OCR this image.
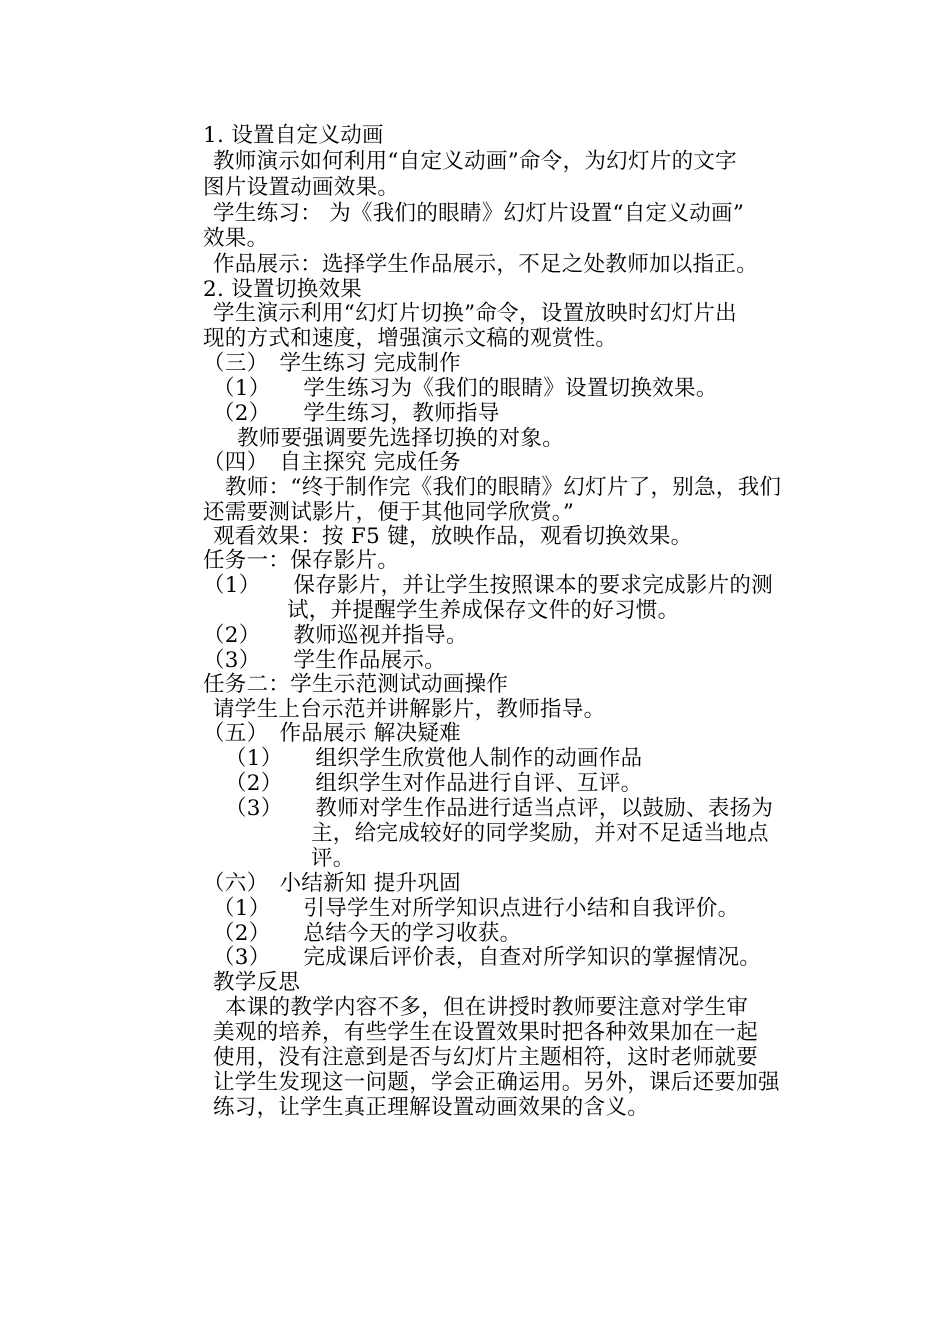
1. 设置自定义动画
教师演示如何利用“自定义动画”命令，为幻灯片的文字
图片设置动画效果。
学生练习： 为《我们的眼睛》幻灯片设置“自定义动画”
效果。
作品展示：选择学生作品展示，不足之处教师加以指正。
2. 设置切换效果
学生演示利用“幻灯片切换”命令，设置放映时幻灯片出
现的方式和速度，增强演示文稿的观赏性。
（三）　学生练习 完成制作
（1）　　学生练习为《我们的眼睛》设置切换效果。
（2）　　学生练习，教师指导
教师要强调要先选择切换的对象。
（四）　自主探究 完成任务
教师：“终于制作完《我们的眼睛》幻灯片了，别急，我们
还需要测试影片，便于其他同学欣赏。”
观看效果：按 F5 键，放映作品，观看切换效果。
任务一：保存影片。
（1）　　保存影片，并让学生按照课本的要求完成影片的测
试，并提醒学生养成保存文件的好习惯。
（2）　　教师巡视并指导。
（3）　　学生作品展示。
任务二：学生示范测试动画操作
请学生上台示范并讲解影片，教师指导。
（五）　作品展示 解决疑难
（1）　　组织学生欣赏他人制作的动画作品
（2）　　组织学生对作品进行自评、互评。
（3）　　教师对学生作品进行适当点评，以鼓励、表扬为
主，给完成较好的同学奖励，并对不足适当地点
评。
（六）　小结新知 提升巩固
（1）　　引导学生对所学知识点进行小结和自我评价。
（2）　　总结今天的学习收获。
（3）　　完成课后评价表，自查对所学知识的掌握情况。
教学反思
本课的教学内容不多，但在讲授时教师要注意对学生审
美观的培养，有些学生在设置效果时把各种效果加在一起
使用，没有注意到是否与幻灯片主题相符，这时老师就要
让学生发现这一问题，学会正确运用。另外，课后还要加强
练习，让学生真正理解设置动画效果的含义。
